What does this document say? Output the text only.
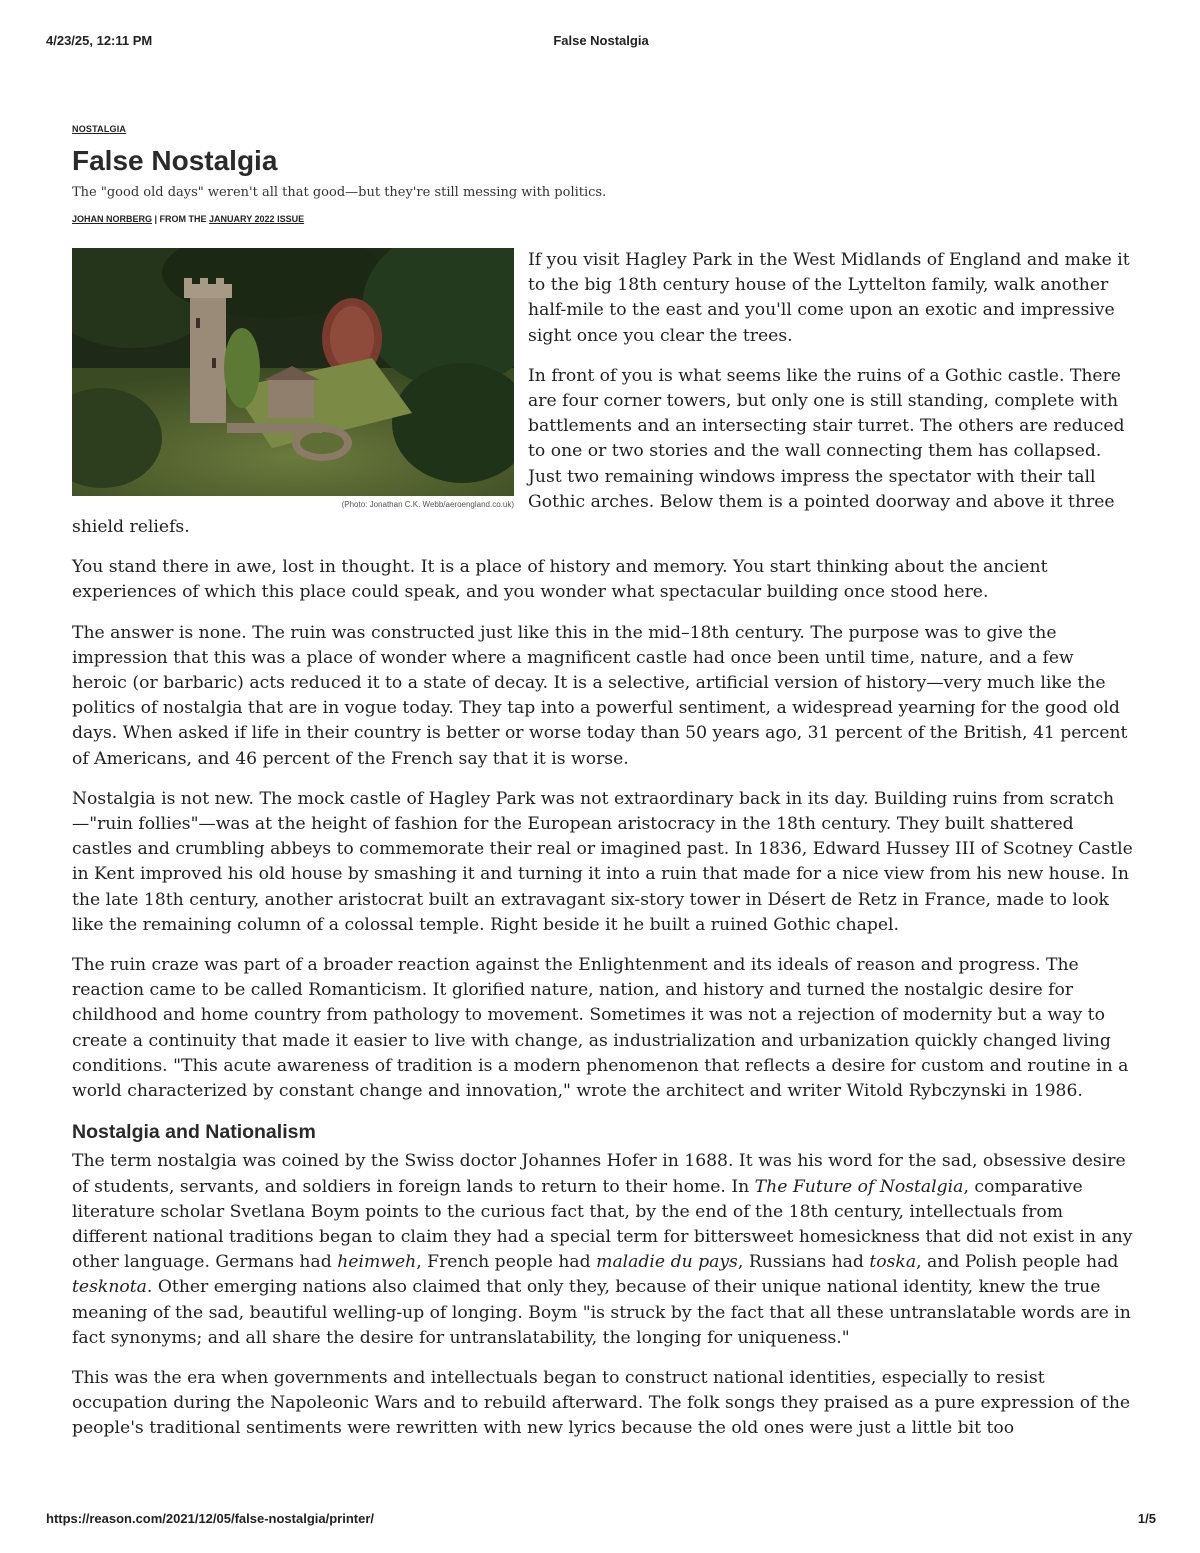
4/23/25, 12:11 PM	False Nostalgia
NOSTALGIA
False Nostalgia

The "good old days" weren't all that good—but they're still messing with politics.

JOHAN NORBERG | FROM THE JANUARY 2022 ISSUE
(Photo: Jonathan C.K. Webb/aeroengland.co.uk)

If you visit Hagley Park in the West Midlands of England and make it to the big 18th century house of the Lyttelton family, walk another half-mile to the east and you'll come upon an exotic and impressive sight once you clear the trees.

In front of you is what seems like the ruins of a Gothic castle. There are four corner towers, but only one is still standing, complete with battlements and an intersecting stair turret. The others are reduced to one or two stories and the wall connecting them has collapsed. Just two remaining windows impress the spectator with their tall Gothic arches. Below them is a pointed doorway and above it three shield reliefs.

You stand there in awe, lost in thought. It is a place of history and memory. You start thinking about the ancient experiences of which this place could speak, and you wonder what spectacular building once stood here.

The answer is none. The ruin was constructed just like this in the mid–18th century. The purpose was to give the impression that this was a place of wonder where a magnificent castle had once been until time, nature, and a few heroic (or barbaric) acts reduced it to a state of decay. It is a selective, artificial version of history—very much like the politics of nostalgia that are in vogue today. They tap into a powerful sentiment, a widespread yearning for the good old days. When asked if life in their country is better or worse today than 50 years ago, 31 percent of the British, 41 percent of Americans, and 46 percent of the French say that it is worse.

Nostalgia is not new. The mock castle of Hagley Park was not extraordinary back in its day. Building ruins from scratch —"ruin follies"—was at the height of fashion for the European aristocracy in the 18th century. They built shattered castles and crumbling abbeys to commemorate their real or imagined past. In 1836, Edward Hussey III of Scotney Castle in Kent improved his old house by smashing it and turning it into a ruin that made for a nice view from his new house. In the late 18th century, another aristocrat built an extravagant six-story tower in Désert de Retz in France, made to look like the remaining column of a colossal temple. Right beside it he built a ruined Gothic chapel.

The ruin craze was part of a broader reaction against the Enlightenment and its ideals of reason and progress. The reaction came to be called Romanticism. It glorified nature, nation, and history and turned the nostalgic desire for childhood and home country from pathology to movement. Sometimes it was not a rejection of modernity but a way to create a continuity that made it easier to live with change, as industrialization and urbanization quickly changed living conditions. "This acute awareness of tradition is a modern phenomenon that reflects a desire for custom and routine in a world characterized by constant change and innovation," wrote the architect and writer Witold Rybczynski in 1986.

Nostalgia and Nationalism

The term nostalgia was coined by the Swiss doctor Johannes Hofer in 1688. It was his word for the sad, obsessive desire of students, servants, and soldiers in foreign lands to return to their home. In The Future of Nostalgia, comparative literature scholar Svetlana Boym points to the curious fact that, by the end of the 18th century, intellectuals from different national traditions began to claim they had a special term for bittersweet homesickness that did not exist in any other language. Germans had heimweh, French people had maladie du pays, Russians had toska, and Polish people had tesknota. Other emerging nations also claimed that only they, because of their unique national identity, knew the true meaning of the sad, beautiful welling-up of longing. Boym "is struck by the fact that all these untranslatable words are in fact synonyms; and all share the desire for untranslatability, the longing for uniqueness."

This was the era when governments and intellectuals began to construct national identities, especially to resist occupation during the Napoleonic Wars and to rebuild afterward. The folk songs they praised as a pure expression of the people's traditional sentiments were rewritten with new lyrics because the old ones were just a little bit too

https://reason.com/2021/12/05/false-nostalgia/printer/	1/5
